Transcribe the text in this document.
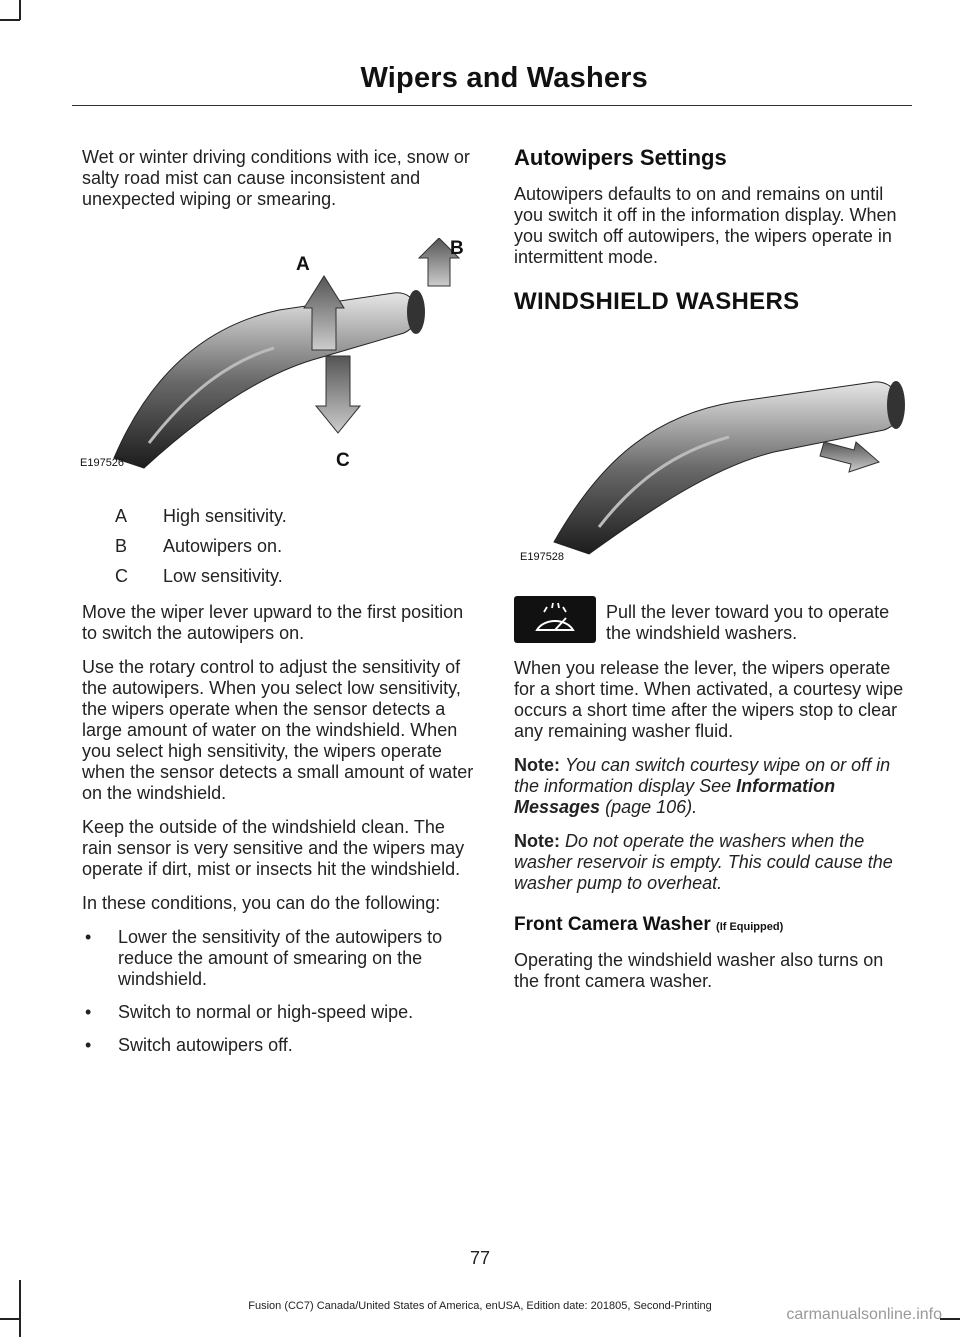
Wipers and Washers

Wet or winter driving conditions with ice, snow or salty road mist can cause inconsistent and unexpected wiping or smearing.

A
B
C
E197526
A	High sensitivity.
B	Autowipers on.
C	Low sensitivity.

Move the wiper lever upward to the first position to switch the autowipers on.

Use the rotary control to adjust the sensitivity of the autowipers. When you select low sensitivity, the wipers operate when the sensor detects a large amount of water on the windshield. When you select high sensitivity, the wipers operate when the sensor detects a small amount of water on the windshield.

Keep the outside of the windshield clean. The rain sensor is very sensitive and the wipers may operate if dirt, mist or insects hit the windshield.

In these conditions, you can do the following:

•	Lower the sensitivity of the autowipers to reduce the amount of smearing on the windshield.
•	Switch to normal or high-speed wipe.
•	Switch autowipers off.
Autowipers Settings

Autowipers defaults to on and remains on until you switch it off in the information display. When you switch off autowipers, the wipers operate in intermittent mode.

WINDSHIELD WASHERS
E197528
Pull the lever toward you to operate the windshield washers.

When you release the lever, the wipers operate for a short time. When activated, a courtesy wipe occurs a short time after the wipers stop to clear any remaining washer fluid.

Note: You can switch courtesy wipe on or off in the information display See Information Messages (page 106).

Note: Do not operate the washers when the washer reservoir is empty. This could cause the washer pump to overheat.

Front Camera Washer (If Equipped)

Operating the windshield washer also turns on the front camera washer.

77
Fusion (CC7) Canada/United States of America, enUSA, Edition date: 201805, Second-Printing	carmanualsonline.info
